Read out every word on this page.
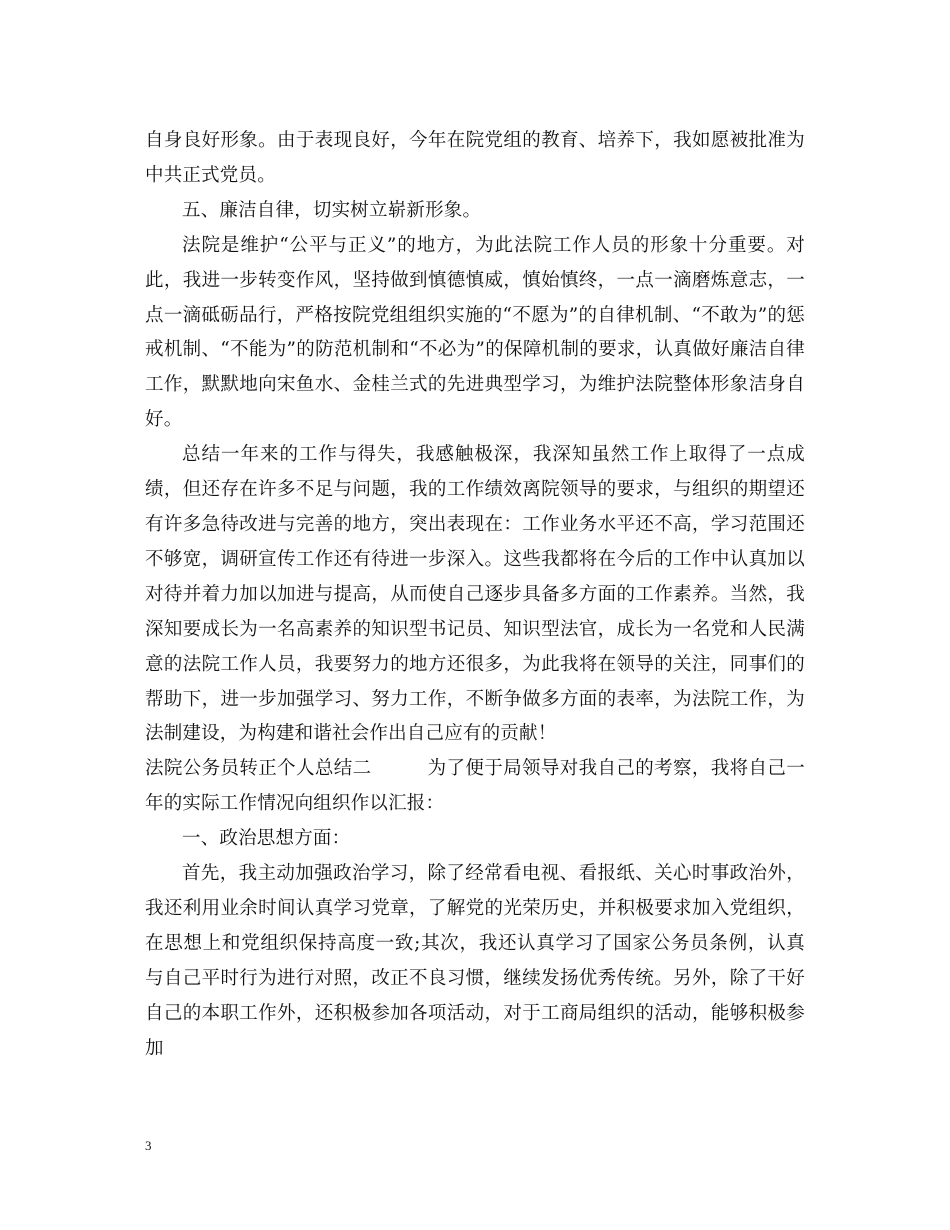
自身良好形象。由于表现良好，今年在院党组的教育、培养下，我如愿被批准为中共正式党员。

五、廉洁自律，切实树立崭新形象。

法院是维护“公平与正义”的地方，为此法院工作人员的形象十分重要。对此，我进一步转变作风，坚持做到慎德慎威，慎始慎终，一点一滴磨炼意志，一点一滴砥砺品行，严格按院党组组织实施的“不愿为”的自律机制、“不敢为”的惩戒机制、“不能为”的防范机制和“不必为”的保障机制的要求，认真做好廉洁自律工作，默默地向宋鱼水、金桂兰式的先进典型学习，为维护法院整体形象洁身自好。

总结一年来的工作与得失，我感触极深，我深知虽然工作上取得了一点成绩，但还存在许多不足与问题，我的工作绩效离院领导的要求，与组织的期望还有许多急待改进与完善的地方，突出表现在：工作业务水平还不高，学习范围还不够宽，调研宣传工作还有待进一步深入。这些我都将在今后的工作中认真加以对待并着力加以加进与提高，从而使自己逐步具备多方面的工作素养。当然，我深知要成长为一名高素养的知识型书记员、知识型法官，成长为一名党和人民满意的法院工作人员，我要努力的地方还很多，为此我将在领导的关注，同事们的帮助下，进一步加强学习、努力工作，不断争做多方面的表率，为法院工作，为法制建设，为构建和谐社会作出自己应有的贡献！

法院公务员转正个人总结二	为了便于局领导对我自己的考察，我将自己一年的实际工作情况向组织作以汇报：

一、政治思想方面：

首先，我主动加强政治学习，除了经常看电视、看报纸、关心时事政治外，我还利用业余时间认真学习党章，了解党的光荣历史，并积极要求加入党组织，在思想上和党组织保持高度一致;其次，我还认真学习了国家公务员条例，认真与自己平时行为进行对照，改正不良习惯，继续发扬优秀传统。另外，除了干好自己的本职工作外，还积极参加各项活动，对于工商局组织的活动，能够积极参加

3
